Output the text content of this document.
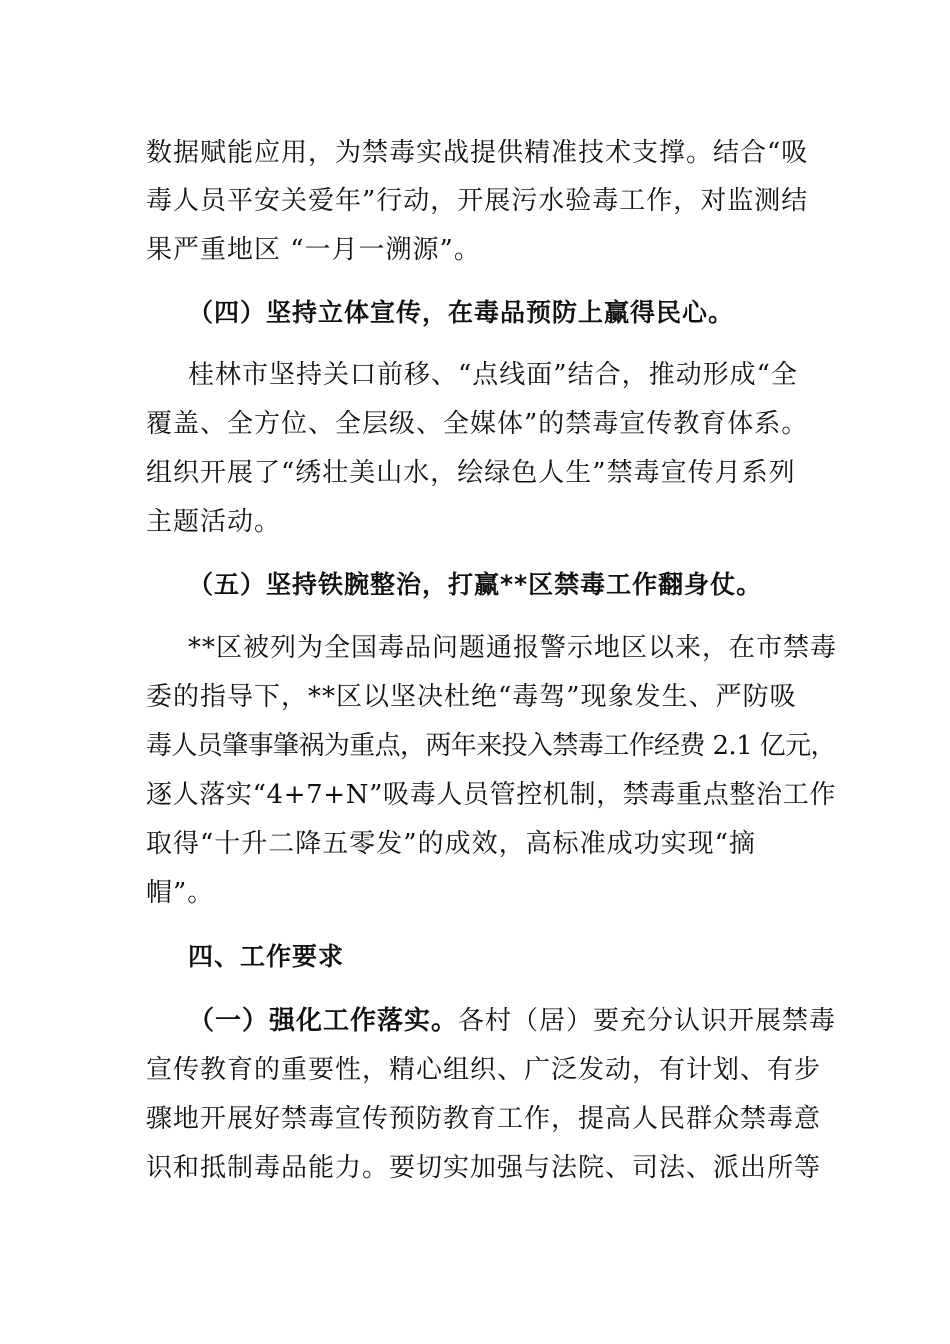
数据赋能应用，为禁毒实战提供精准技术支撑。结合“吸
毒人员平安关爱年”行动，开展污水验毒工作，对监测结
果严重地区 “一月一溯源”。
（四）坚持立体宣传，在毒品预防上赢得民心。
桂林市坚持关口前移、“点线面”结合，推动形成“全
覆盖、全方位、全层级、全媒体”的禁毒宣传教育体系。
组织开展了“绣壮美山水，绘绿色人生”禁毒宣传月系列
主题活动。
（五）坚持铁腕整治，打赢**区禁毒工作翻身仗。
**区被列为全国毒品问题通报警示地区以来，在市禁毒
委的指导下，**区以坚决杜绝“毒驾”现象发生、严防吸
毒人员肇事肇祸为重点，两年来投入禁毒工作经费 2.1 亿元，
逐人落实“4+7+N”吸毒人员管控机制，禁毒重点整治工作
取得“十升二降五零发”的成效，高标准成功实现“摘
帽”。
四、工作要求
（一）强化工作落实。各村（居）要充分认识开展禁毒
宣传教育的重要性，精心组织、广泛发动，有计划、有步
骤地开展好禁毒宣传预防教育工作，提高人民群众禁毒意
识和抵制毒品能力。要切实加强与法院、司法、派出所等
